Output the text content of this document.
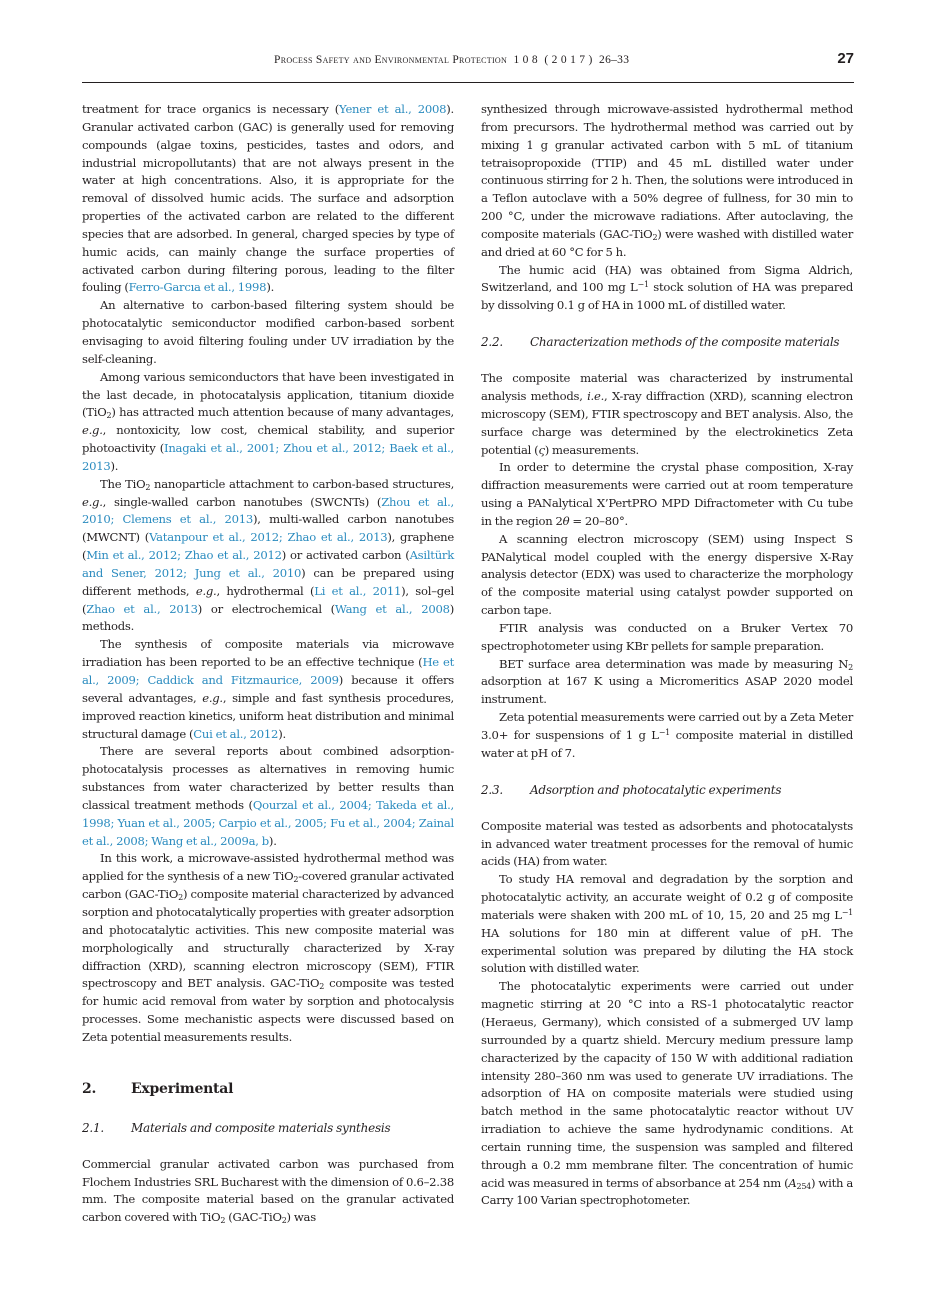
Process Safety and Environmental Protection 1 0 8 ( 2 0 1 7 ) 26–33	27

treatment for trace organics is necessary (Yener et al., 2008). Granular activated carbon (GAC) is generally used for removing compounds (algae toxins, pesticides, tastes and odors, and industrial micropollutants) that are not always present in the water at high concentrations. Also, it is appropriate for the removal of dissolved humic acids. The surface and adsorption properties of the activated carbon are related to the different species that are adsorbed. In general, charged species by type of humic acids, can mainly change the surface properties of activated carbon during filtering porous, leading to the filter fouling (Ferro-Garcıa et al., 1998).

An alternative to carbon-based filtering system should be photocatalytic semiconductor modified carbon-based sorbent envisaging to avoid filtering fouling under UV irradiation by the self-cleaning.

Among various semiconductors that have been investigated in the last decade, in photocatalysis application, titanium dioxide (TiO$_2$) has attracted much attention because of many advantages, e.g., nontoxicity, low cost, chemical stability, and superior photoactivity (Inagaki et al., 2001; Zhou et al., 2012; Baek et al., 2013).

The TiO$_2$ nanoparticle attachment to carbon-based structures, e.g., single-walled carbon nanotubes (SWCNTs) (Zhou et al., 2010; Clemens et al., 2013), multi-walled carbon nanotubes (MWCNT) (Vatanpour et al., 2012; Zhao et al., 2013), graphene (Min et al., 2012; Zhao et al., 2012) or activated carbon (Asiltürk and Sener, 2012; Jung et al., 2010) can be prepared using different methods, e.g., hydrothermal (Li et al., 2011), sol–gel (Zhao et al., 2013) or electrochemical (Wang et al., 2008) methods.

The synthesis of composite materials via microwave irradiation has been reported to be an effective technique (He et al., 2009; Caddick and Fitzmaurice, 2009) because it offers several advantages, e.g., simple and fast synthesis procedures, improved reaction kinetics, uniform heat distribution and minimal structural damage (Cui et al., 2012).

There are several reports about combined adsorption-photocatalysis processes as alternatives in removing humic substances from water characterized by better results than classical treatment methods (Qourzal et al., 2004; Takeda et al., 1998; Yuan et al., 2005; Carpio et al., 2005; Fu et al., 2004; Zainal et al., 2008; Wang et al., 2009a, b).

In this work, a microwave-assisted hydrothermal method was applied for the synthesis of a new TiO$_2$-covered granular activated carbon (GAC-TiO$_2$) composite material characterized by advanced sorption and photocatalytically properties with greater adsorption and photocatalytic activities. This new composite material was morphologically and structurally characterized by X-ray diffraction (XRD), scanning electron microscopy (SEM), FTIR spectroscopy and BET analysis. GAC-TiO$_2$ composite was tested for humic acid removal from water by sorption and photocalysis processes. Some mechanistic aspects were discussed based on Zeta potential measurements results.

2. Experimental
2.1. Materials and composite materials synthesis

Commercial granular activated carbon was purchased from Flochem Industries SRL Bucharest with the dimension of 0.6–2.38 mm. The composite material based on the granular activated carbon covered with TiO$_2$ (GAC-TiO$_2$) was

synthesized through microwave-assisted hydrothermal method from precursors. The hydrothermal method was carried out by mixing 1 g granular activated carbon with 5 mL of titanium tetraisopropoxide (TTIP) and 45 mL distilled water under continuous stirring for 2 h. Then, the solutions were introduced in a Teflon autoclave with a 50% degree of fullness, for 30 min to 200 °C, under the microwave radiations. After autoclaving, the composite materials (GAC-TiO$_2$) were washed with distilled water and dried at 60 °C for 5 h.

The humic acid (HA) was obtained from Sigma Aldrich, Switzerland, and 100 mg $L^{-1}$ stock solution of HA was prepared by dissolving 0.1 g of HA in 1000 mL of distilled water.

2.2. Characterization methods of the composite materials

The composite material was characterized by instrumental analysis methods, i.e., X-ray diffraction (XRD), scanning electron microscopy (SEM), FTIR spectroscopy and BET analysis. Also, the surface charge was determined by the electrokinetics Zeta potential (ς) measurements.

In order to determine the crystal phase composition, X-ray diffraction measurements were carried out at room temperature using a PANalytical X’PertPRO MPD Difractometer with Cu tube in the region 2θ = 20–80°.

A scanning electron microscopy (SEM) using Inspect S PANalytical model coupled with the energy dispersive X-Ray analysis detector (EDX) was used to characterize the morphology of the composite material using catalyst powder supported on carbon tape.

FTIR analysis was conducted on a Bruker Vertex 70 spectrophotometer using KBr pellets for sample preparation.

BET surface area determination was made by measuring $N_2$ adsorption at 167 K using a Micromeritics ASAP 2020 model instrument.

Zeta potential measurements were carried out by a Zeta Meter 3.0+ for suspensions of 1 g $L^{-1}$ composite material in distilled water at pH of 7.

2.3. Adsorption and photocatalytic experiments

Composite material was tested as adsorbents and photocatalysts in advanced water treatment processes for the removal of humic acids (HA) from water.

To study HA removal and degradation by the sorption and photocatalytic activity, an accurate weight of 0.2 g of composite materials were shaken with 200 mL of 10, 15, 20 and 25 mg $L^{-1}$ HA solutions for 180 min at different value of pH. The experimental solution was prepared by diluting the HA stock solution with distilled water.

The photocatalytic experiments were carried out under magnetic stirring at 20 °C into a RS-1 photocatalytic reactor (Heraeus, Germany), which consisted of a submerged UV lamp surrounded by a quartz shield. Mercury medium pressure lamp characterized by the capacity of 150 W with additional radiation intensity 280–360 nm was used to generate UV irradiations. The adsorption of HA on composite materials were studied using batch method in the same photocatalytic reactor without UV irradiation to achieve the same hydrodynamic conditions. At certain running time, the suspension was sampled and filtered through a 0.2 mm membrane filter. The concentration of humic acid was measured in terms of absorbance at 254 nm $(A_{254})$ with a Carry 100 Varian spectrophotometer.
